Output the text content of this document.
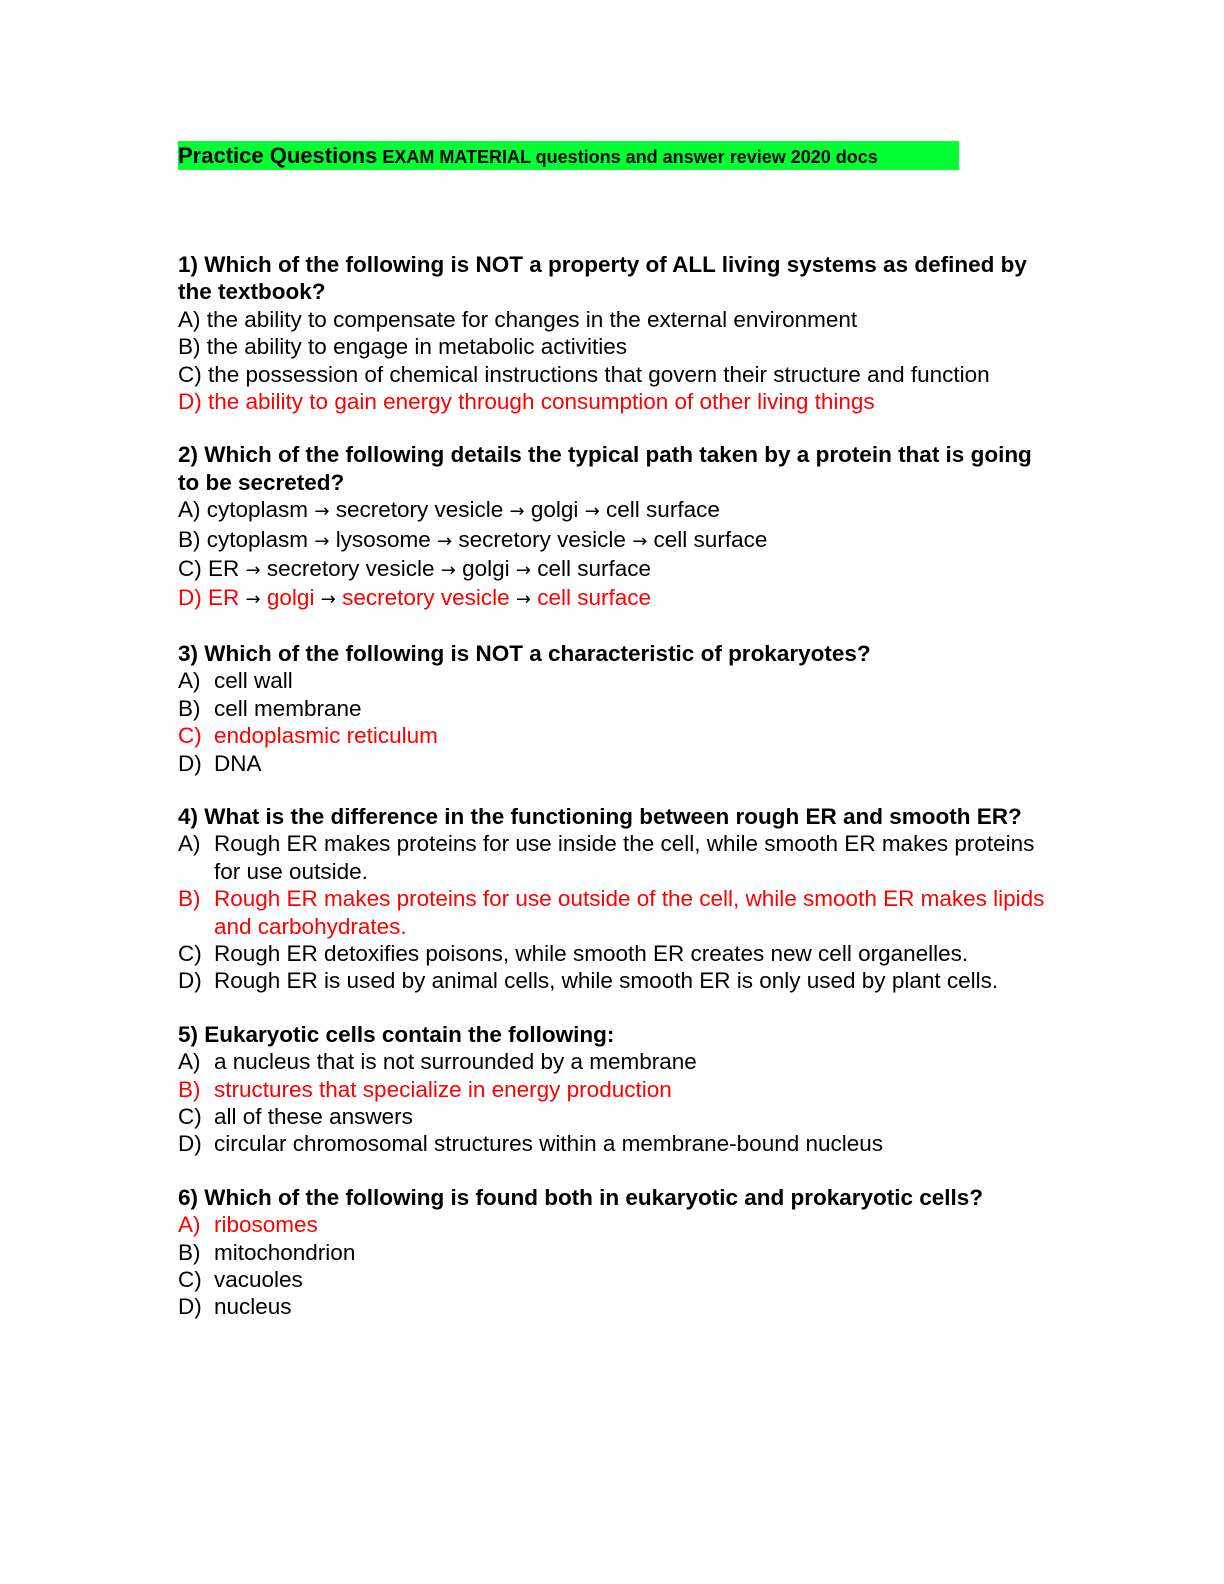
Practice Questions EXAM MATERIAL questions and answer review 2020 docs

1) Which of the following is NOT a property of ALL living systems as defined by the textbook?

A) the ability to compensate for changes in the external environment

B) the ability to engage in metabolic activities

C) the possession of chemical instructions that govern their structure and function

D) the ability to gain energy through consumption of other living things

2) Which of the following details the typical path taken by a protein that is going to be secreted?

A) cytoplasm → secretory vesicle → golgi → cell surface

B) cytoplasm → lysosome → secretory vesicle → cell surface

C) ER → secretory vesicle → golgi → cell surface

D) ER → golgi → secretory vesicle → cell surface

3) Which of the following is NOT a characteristic of prokaryotes?

A) cell wall
B) cell membrane
C) endoplasmic reticulum
D) DNA

4) What is the difference in the functioning between rough ER and smooth ER?

A) Rough ER makes proteins for use inside the cell, while smooth ER makes proteins for use outside.
B) Rough ER makes proteins for use outside of the cell, while smooth ER makes lipids and carbohydrates.
C) Rough ER detoxifies poisons, while smooth ER creates new cell organelles.
D) Rough ER is used by animal cells, while smooth ER is only used by plant cells.

5) Eukaryotic cells contain the following:

A) a nucleus that is not surrounded by a membrane
B) structures that specialize in energy production
C) all of these answers
D) circular chromosomal structures within a membrane-bound nucleus

6) Which of the following is found both in eukaryotic and prokaryotic cells?

A) ribosomes
B) mitochondrion
C) vacuoles
D) nucleus
